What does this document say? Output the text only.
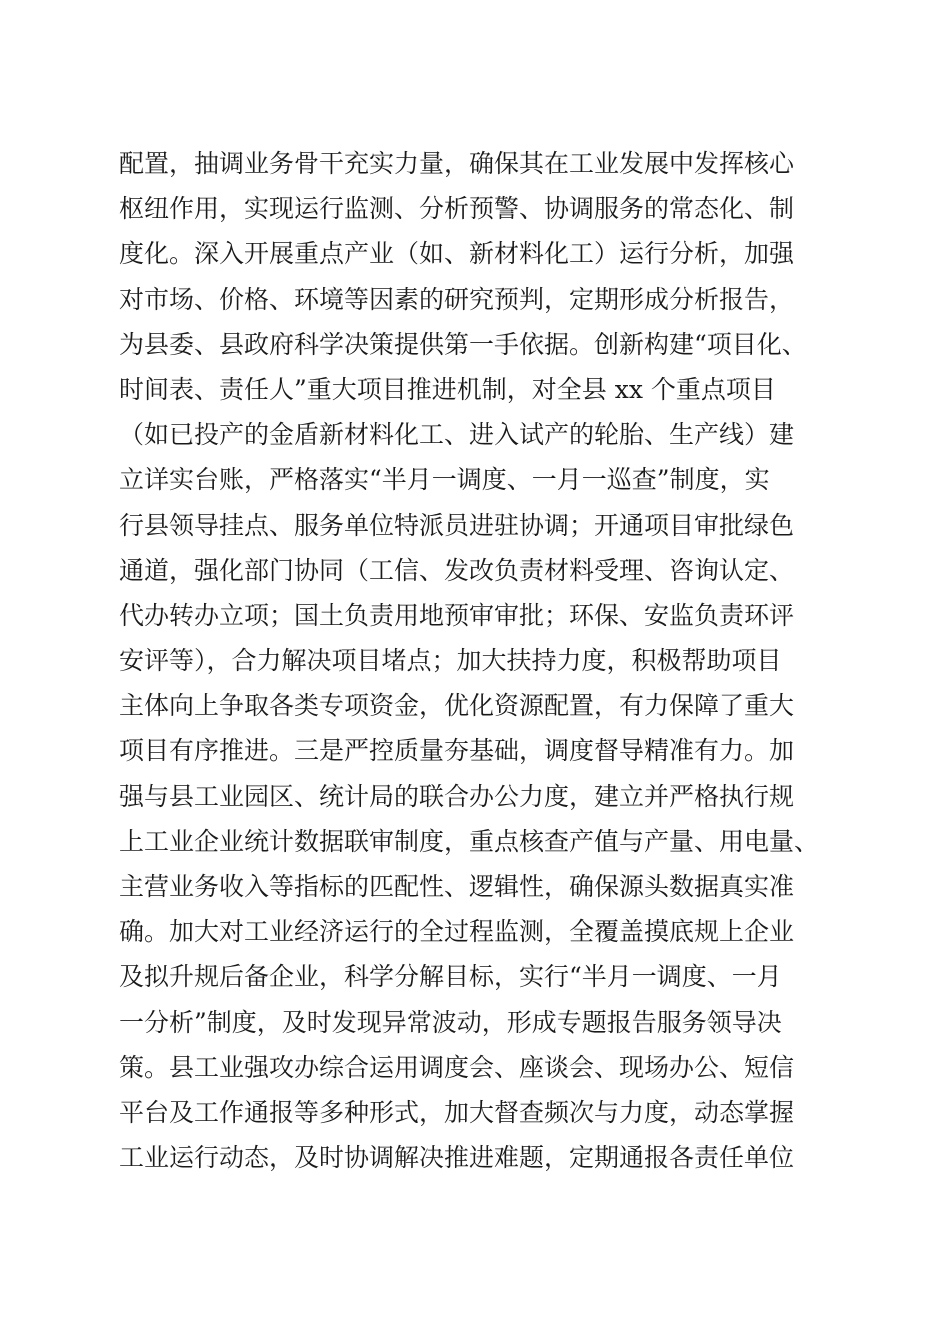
配置，抽调业务骨干充实力量，确保其在工业发展中发挥核心
枢纽作用，实现运行监测、分析预警、协调服务的常态化、制
度化。深入开展重点产业（如、新材料化工）运行分析，加强
对市场、价格、环境等因素的研究预判，定期形成分析报告，
为县委、县政府科学决策提供第一手依据。创新构建“项目化、
时间表、责任人”重大项目推进机制，对全县 xx 个重点项目
（如已投产的金盾新材料化工、进入试产的轮胎、生产线）建
立详实台账，严格落实“半月一调度、一月一巡查”制度，实
行县领导挂点、服务单位特派员进驻协调；开通项目审批绿色
通道，强化部门协同（工信、发改负责材料受理、咨询认定、
代办转办立项；国土负责用地预审审批；环保、安监负责环评
安评等），合力解决项目堵点；加大扶持力度，积极帮助项目
主体向上争取各类专项资金，优化资源配置，有力保障了重大
项目有序推进。三是严控质量夯基础，调度督导精准有力。加
强与县工业园区、统计局的联合办公力度，建立并严格执行规
上工业企业统计数据联审制度，重点核查产值与产量、用电量、
主营业务收入等指标的匹配性、逻辑性，确保源头数据真实准
确。加大对工业经济运行的全过程监测，全覆盖摸底规上企业
及拟升规后备企业，科学分解目标，实行“半月一调度、一月
一分析”制度，及时发现异常波动，形成专题报告服务领导决
策。县工业强攻办综合运用调度会、座谈会、现场办公、短信
平台及工作通报等多种形式，加大督查频次与力度，动态掌握
工业运行动态，及时协调解决推进难题，定期通报各责任单位
